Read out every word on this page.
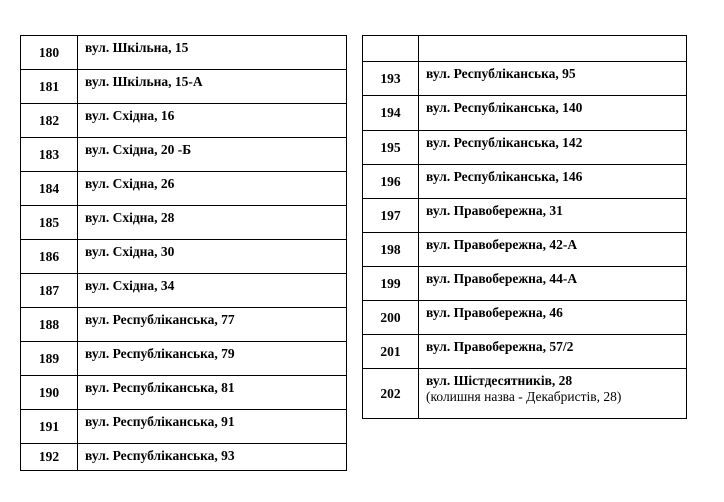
180	вул. Шкільна, 15
181	вул. Шкільна, 15-А
182	вул. Східна, 16
183	вул. Східна, 20 -Б
184	вул. Східна, 26
185	вул. Східна, 28
186	вул. Східна, 30
187	вул. Східна, 34
188	вул. Республіканська, 77
189	вул. Республіканська, 79
190	вул. Республіканська, 81
191	вул. Республіканська, 91
192	вул. Республіканська, 93

193	вул. Республіканська, 95
194	вул. Республіканська, 140
195	вул. Республіканська, 142
196	вул. Республіканська, 146
197	вул. Правобережна, 31
198	вул. Правобережна, 42-А
199	вул. Правобережна, 44-А
200	вул. Правобережна, 46
201	вул. Правобережна, 57/2
202	вул. Шістдесятників, 28
(колишня назва - Декабристів, 28)
